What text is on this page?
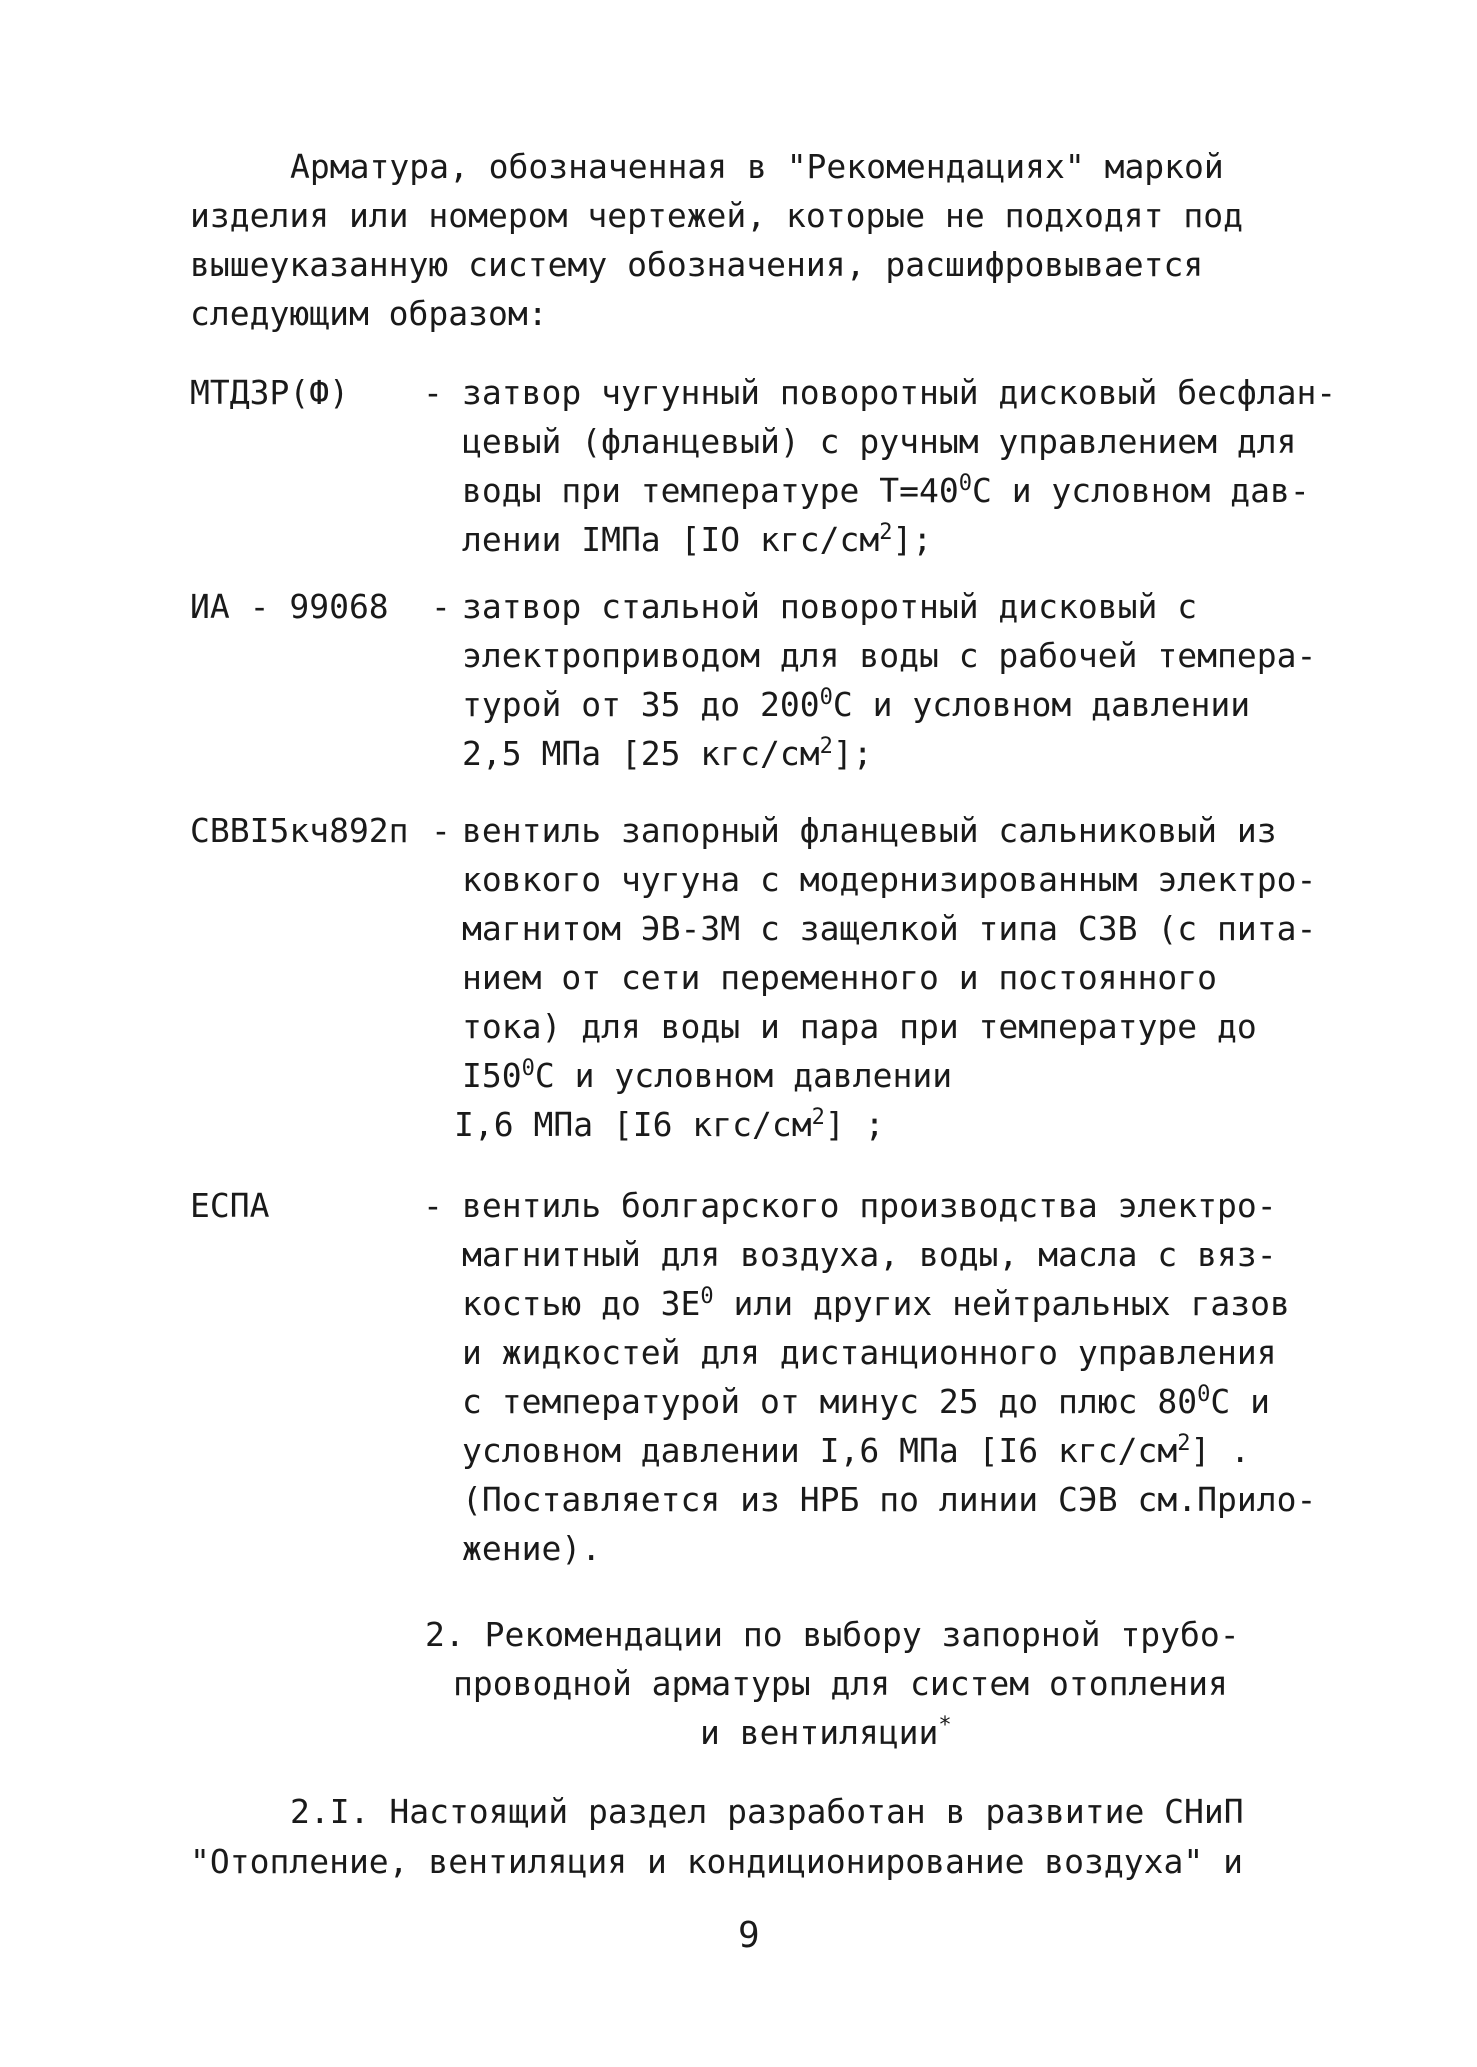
Арматура, обозначенная в "Рекомендациях" маркой
изделия или номером чертежей, которые не подходят под
вышеуказанную систему обозначения, расшифровывается
следующим образом:
МТДЗР(Ф) - затвор чугунный поворотный дисковый бесфлан-
цевый (фланцевый) с ручным управлением для
воды при температуре $Т=40^0С$ и условном дав-
лении IМПа [IO кгс/$см^2$];
ИА - 99068 - затвор стальной поворотный дисковый с
электроприводом для воды с рабочей темпера-
турой от 35 до $200^0С$ и условном давлении
2,5 МПа [25 кгс/$см^2$];
СВВI5кч892п - вентиль запорный фланцевый сальниковый из
ковкого чугуна с модернизированным электро-
магнитом ЭВ-3М с защелкой типа СЗВ (с пита-
нием от сети переменного и постоянного
тока) для воды и пара при температуре до
$I50^0С$ и условном давлении
I,6 МПа [I6 кгс/$см^2$] ;
ЕСПА	- вентиль болгарского производства электро-
магнитный для воздуха, воды, масла с вяз-
костью до $3Е^0$ или других нейтральных газов
и жидкостей для дистанционного управления
с температурой от минус 25 до плюс $80^0С$ и
условном давлении I,6 МПа [I6 кгс/$см^2$] .
(Поставляется из НРБ по линии СЭВ см.Прило-
жение).
2. Рекомендации по выбору запорной трубо-
проводной арматуры для систем отопления
и вентиляции*
2.I. Настоящий раздел разработан в развитие СНиП
"Отопление, вентиляция и кондиционирование воздуха" и
9
